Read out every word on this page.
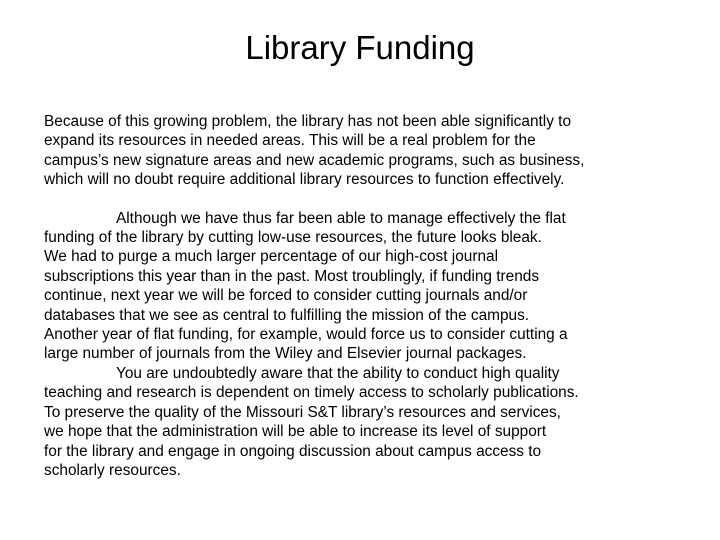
Library Funding
Because of this growing problem, the library has not been able significantly to
expand its resources in needed areas. This will be a real problem for the
campus’s new signature areas and new academic programs, such as business,
which will no doubt require additional library resources to function effectively.
Although we have thus far been able to manage effectively the flat
funding of the library by cutting low-use resources, the future looks bleak.
We had to purge a much larger percentage of our high-cost journal
subscriptions this year than in the past. Most troublingly, if funding trends
continue, next year we will be forced to consider cutting journals and/or
databases that we see as central to fulfilling the mission of the campus.
Another year of flat funding, for example, would force us to consider cutting a
large number of journals from the Wiley and Elsevier journal packages.
You are undoubtedly aware that the ability to conduct high quality
teaching and research is dependent on timely access to scholarly publications.
To preserve the quality of the Missouri S&T library’s resources and services,
we hope that the administration will be able to increase its level of support
for the library and engage in ongoing discussion about campus access to
scholarly resources.
